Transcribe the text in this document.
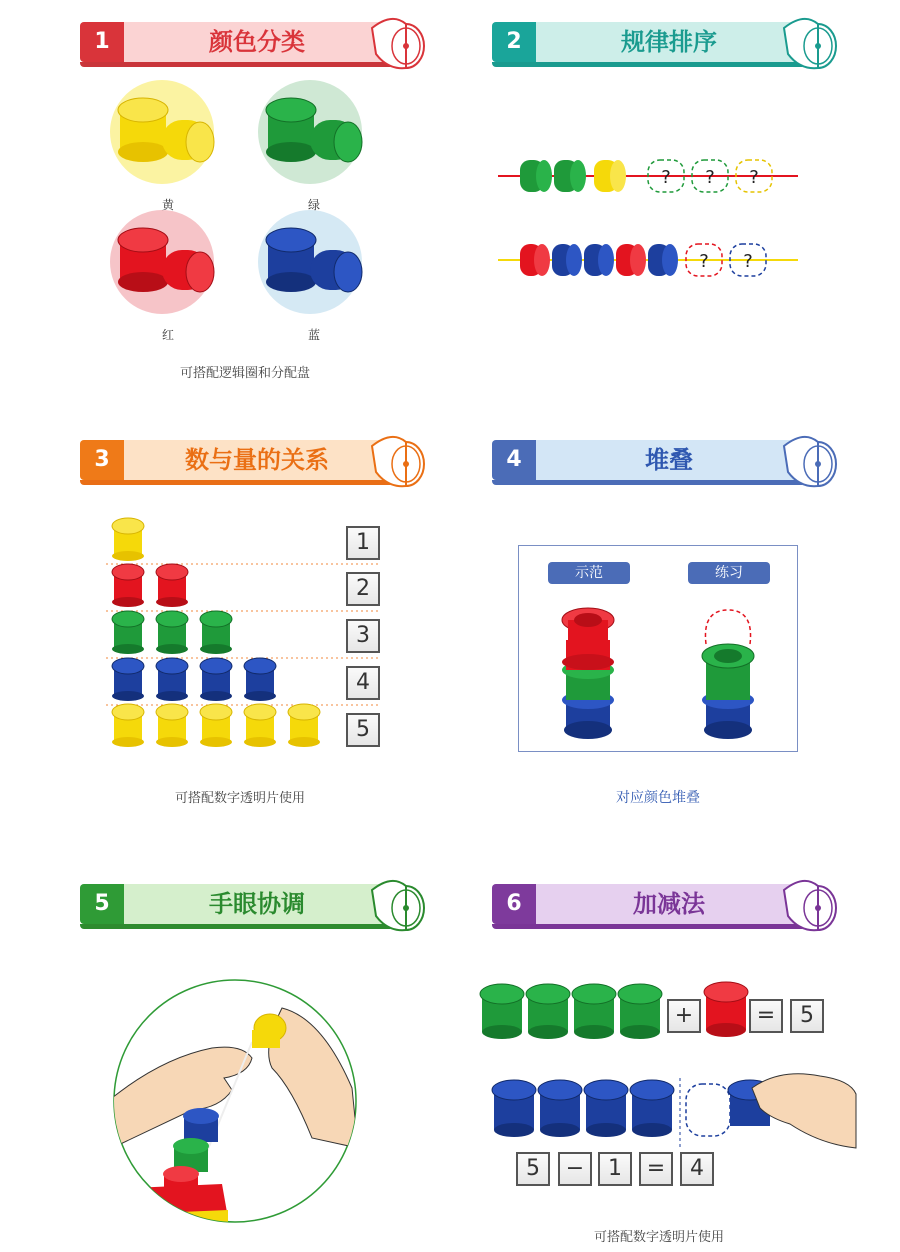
1	颜色分类
黄	绿
红	蓝
可搭配逻辑圈和分配盘
2	规律排序
? ? ?
? ?
3	数与量的关系
1
2
3
4
5
可搭配数字透明片使用
4	堆叠
示范	练习
对应颜色堆叠
5	手眼协调	6	加减法
+	=	5
5	−	1	=	4
可搭配数字透明片使用
